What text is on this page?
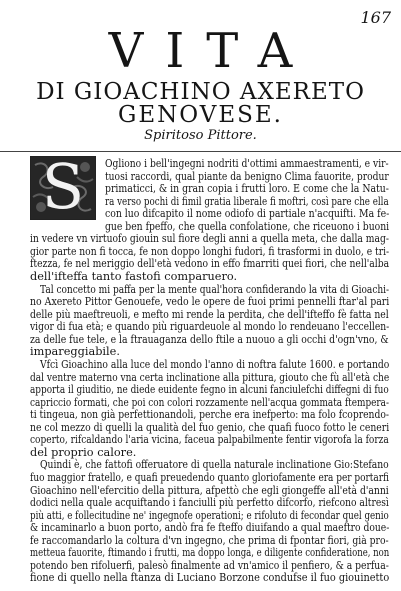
167
VITA
DI GIOACHINO AXERETO
GENOVESE.
Spiritoso Pittore.
S	Ogliono i bell'ingegni nodriti d'ottimi ammaestramenti, e vir-
tuosi raccordi, qual piante da benigno Clima fauorite, produr
primaticci, & in gran copia i frutti loro. E come che la Natu-
ra verso pochi di fimil gratia liberale fi moftri, così pare che ella
con luo difcapito il nome odiofo di partiale n'acquifti. Ma fe-
gue ben fpeffo, che quella confolatione, che riceuono i buoni
in vedere vn virtuofo giouin sul fiore degli anni a quella meta, che dalla mag-
gior parte non fi tocca, fe non doppo longhi fudori, fi trasformi in duolo, e tri-
ftezza, fe nel meriggio dell'età vedono in effo fmarriti quei fiori, che nell'alba
dell'ifteffa tanto fastofi comparuero.
Tal concetto mi paffa per la mente qual'hora confiderando la vita di Gioachi-
no Axereto Pittor Genouefe, vedo le opere de fuoi primi pennelli ftar'al pari
delle più maeftreuoli, e mefto mi rende la perdita, che dell'ifteffo fè fatta nel
vigor di fua età; e quando più riguardeuole al mondo lo rendeuano l'eccellen-
za delle fue tele, e la ftrauaganza dello ftile a nuouo a gli occhi d'ogn'vno, &
impareggiabile.
Vfcì Gioachino alla luce del mondo l'anno di noftra falute 1600. e portando
dal ventre materno vna certa inclinatione alla pittura, giouto che fù all'età che
apporta il giuditio, ne diede euidente fegno in alcuni fanciulefchi diffegni di fuo
capriccio formati, che poi con colori rozzamente nell'acqua gommata ftempera-
ti tingeua, non già perfettionandoli, perche era inefperto: ma folo fcoprendo-
ne col mezzo di quelli la qualità del fuo genio, che quafi fuoco fotto le ceneri
coperto, rifcaldando l'aria vicina, faceua palpabilmente fentir vigorofa la forza
del proprio calore.
Quindi è, che fattofi offeruatore di quella naturale inclinatione Gio:Stefano
fuo maggior fratello, e quafi preuedendo quanto gloriofamente era per portarfi
Gioachino nell'efercitio della pittura, afpettò che egli giongeffe all'età d'anni
dodici nella quale acquiftando i fanciulli più perfetto difcorfo, riefcono altresì
più atti, e follecitudine ne' ingegnofe operationi; e rifoluto di fecondar quel genio
& incaminarlo a buon porto, andò fra fe fteffo diuifando a qual maeftro doue-
fe raccomandarlo la coltura d'vn ingegno, che prima di fpontar fiori, già pro-
metteua fauorite, ftimando i frutti, ma doppo longa, e diligente confideratione, non
potendo ben rifoluerfi, palesò finalmente ad vn'amico il penfiero, & a perfua-
fione di quello nella ftanza di Luciano Borzone condufse il fuo giouinetto
